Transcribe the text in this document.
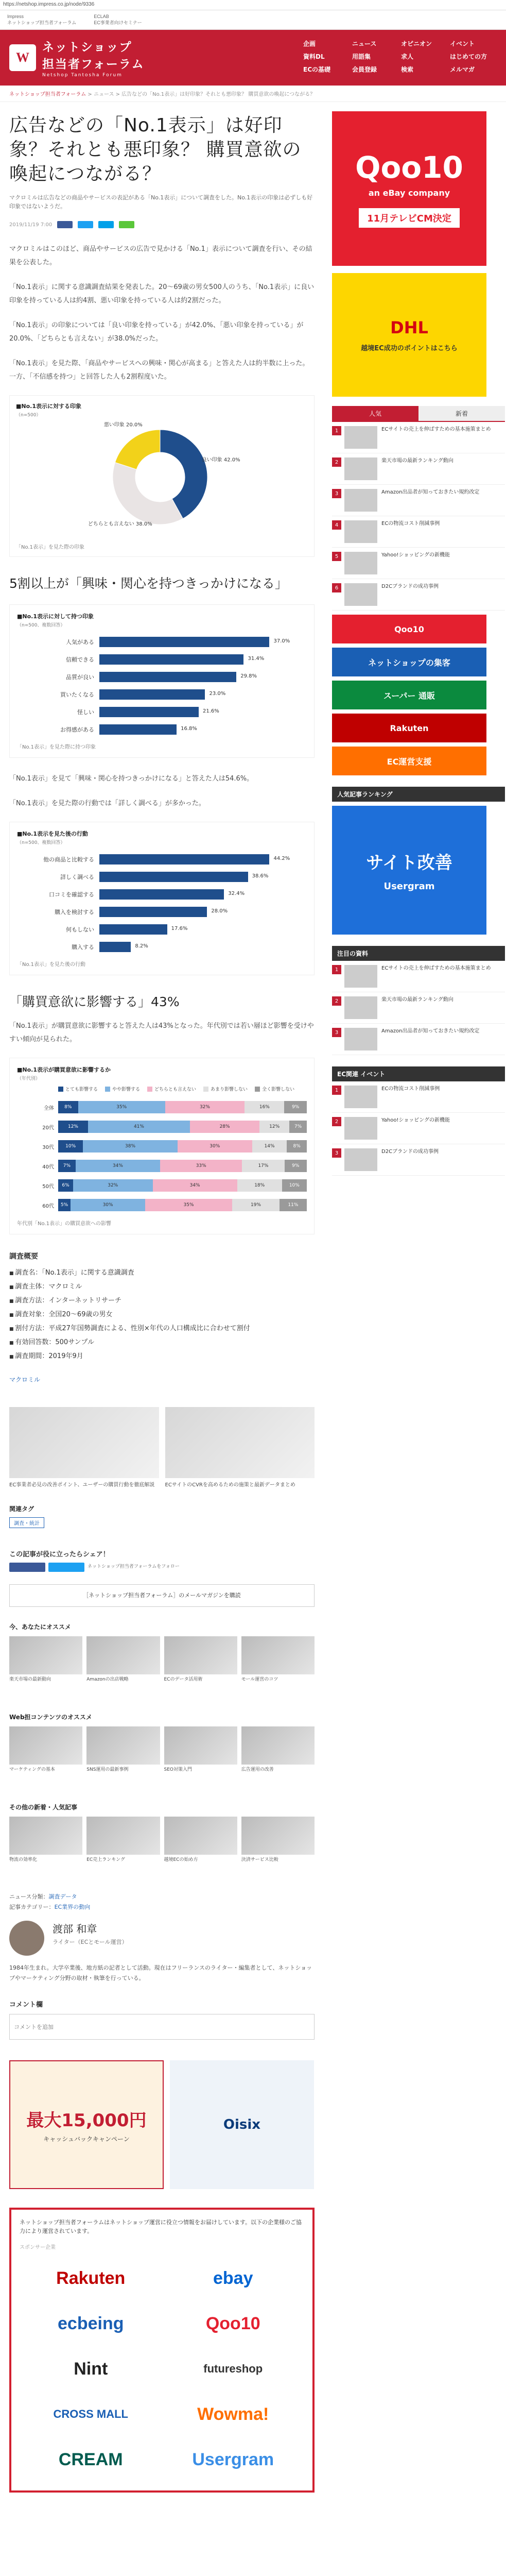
https://netshop.impress.co.jp/node/9336
Impress
ネットショップ担当者フォーラム
ECLAB
EC事業者向けセミナー
W
ネットショップ
担当者フォーラム
Netshop Tantosha Forum
企画	ニュース	オピニオン	イベント
資料DL	用語集	求人	はじめての方
ECの基礎	会員登録	検索	メルマガ
ネットショップ担当者フォーラム > ニュース > 広告などの「No.1表示」は好印象？それとも悪印象？ 購買意欲の喚起につながる？
広告などの「No.1表示」は好印象？それとも悪印象？ 購買意欲の喚起につながる？
マクロミルは広告などの商品やサービスの表記がある「No.1表示」について調査をした。No.1表示の印象は必ずしも好印象ではないようだ。
2019/11/19 7:00

マクロミルはこのほど、商品やサービスの広告で見かける「No.1」表示について調査を行い、その結果を公表した。

「No.1表示」に関する意識調査結果を発表した。20〜69歳の男女500人のうち、「No.1表示」に良い印象を持っている人は約4割、悪い印象を持っている人は約2割だった。

「No.1表示」の印象については「良い印象を持っている」が42.0%、「悪い印象を持っている」が20.0%、「どちらとも言えない」が38.0%だった。

「No.1表示」を見た際、「商品やサービスへの興味・関心が高まる」と答えた人は約半数に上った。一方、「不信感を持つ」と回答した人も2割程度いた。

■No.1表示に対する印象
（n=500）
良い印象 42.0%
どちらとも言えない 38.0%
悪い印象 20.0%
「No.1表示」を見た際の印象
5割以上が「興味・関心を持つきっかけになる」
■No.1表示に対して持つ印象
（n=500、複数回答）
人気がある	37.0%
信頼できる	31.4%
品質が良い	29.8%
買いたくなる	23.0%
怪しい	21.6%
お得感がある	16.8%
「No.1表示」を見た際に持つ印象

「No.1表示」を見て「興味・関心を持つきっかけになる」と答えた人は54.6%。

「No.1表示」を見た際の行動では「詳しく調べる」が多かった。

■No.1表示を見た後の行動
（n=500、複数回答）
他の商品と比較する	44.2%
詳しく調べる	38.6%
口コミを確認する	32.4%
購入を検討する	28.0%
何もしない	17.6%
購入する	8.2%
「No.1表示」を見た後の行動
「購買意欲に影響する」43%

「No.1表示」が購買意欲に影響すると答えた人は43%となった。年代別では若い層ほど影響を受けやすい傾向が見られた。

■No.1表示が購買意欲に影響するか
（年代別）
とても影響する	やや影響する	どちらとも言えない	あまり影響しない	全く影響しない
全体	8%	35%	32%	16%	9%
20代	12%	41%	28%	12%	7%
30代	10%	38%	30%	14%	8%
40代	7%	34%	33%	17%	9%
50代	6%	32%	34%	18%	10%
60代	5%	30%	35%	19%	11%
年代別「No.1表示」の購買意欲への影響
調査概要
■ 調査名：「No.1表示」に関する意識調査
■ 調査主体：マクロミル
■ 調査方法：インターネットリサーチ
■ 調査対象：全国20〜69歳の男女
■ 割付方法：平成27年国勢調査による、性別×年代の人口構成比に合わせて割付
■ 有効回答数：500サンプル
■ 調査期間：2019年9月
マクロミル
EC事業者必見の改善ポイント、ユーザーの購買行動を徹底解説	ECサイトのCVRを高めるための施策と最新データまとめ
関連タグ
調査・統計
この記事が役に立ったらシェア！
ネットショップ担当者フォーラムをフォロー
［ネットショップ担当者フォーラム］のメールマガジンを購読
今、あなたにオススメ
楽天市場の最新動向	Amazonの出店戦略	ECのデータ活用術	モール運営のコツ
Web担コンテンツのオススメ
マーケティングの基本	SNS運用の最新事例	SEO対策入門	広告運用の改善
その他の新着・人気記事
物流の効率化	EC売上ランキング	越境ECの始め方	決済サービス比較
ニュース分類：調査データ
記事カテゴリー：EC業界の動向
渡部 和章
ライター（ECとモール運営）
1984年生まれ。大学卒業後、地方紙の記者として活動。現在はフリーランスのライター・編集者として、ネットショップやマーケティング分野の取材・執筆を行っている。
コメント欄
コメントを追加
最大15,000円
キャッシュバックキャンペーン
Oisix
ネットショップ担当者フォーラムはネットショップ運営に役立つ情報をお届けしています。以下の企業様のご協力により運営されています。
スポンサー企業
Rakuten	ebay
ecbeing	Qoo10
Nint	futureshop
CROSS MALL	Wowma!
CREAM	Usergram
Qoo10
an eBay company
11月テレビCM決定
DHL
越境EC成功のポイントはこちら
人気	新着
1	ECサイトの売上を伸ばすための基本施策まとめ
2	楽天市場の最新ランキング動向
3	Amazon出品者が知っておきたい規約改定
4	ECの物流コスト削減事例
5	Yahoo!ショッピングの新機能
6	D2Cブランドの成功事例
Qoo10
ネットショップの集客
スーパー 通販
Rakuten
EC運営支援
人気記事ランキング
サイト改善
Usergram
注目の資料
1	ECサイトの売上を伸ばすための基本施策まとめ
2	楽天市場の最新ランキング動向
3	Amazon出品者が知っておきたい規約改定
EC関連 イベント
1	ECの物流コスト削減事例
2	Yahoo!ショッピングの新機能
3	D2Cブランドの成功事例
